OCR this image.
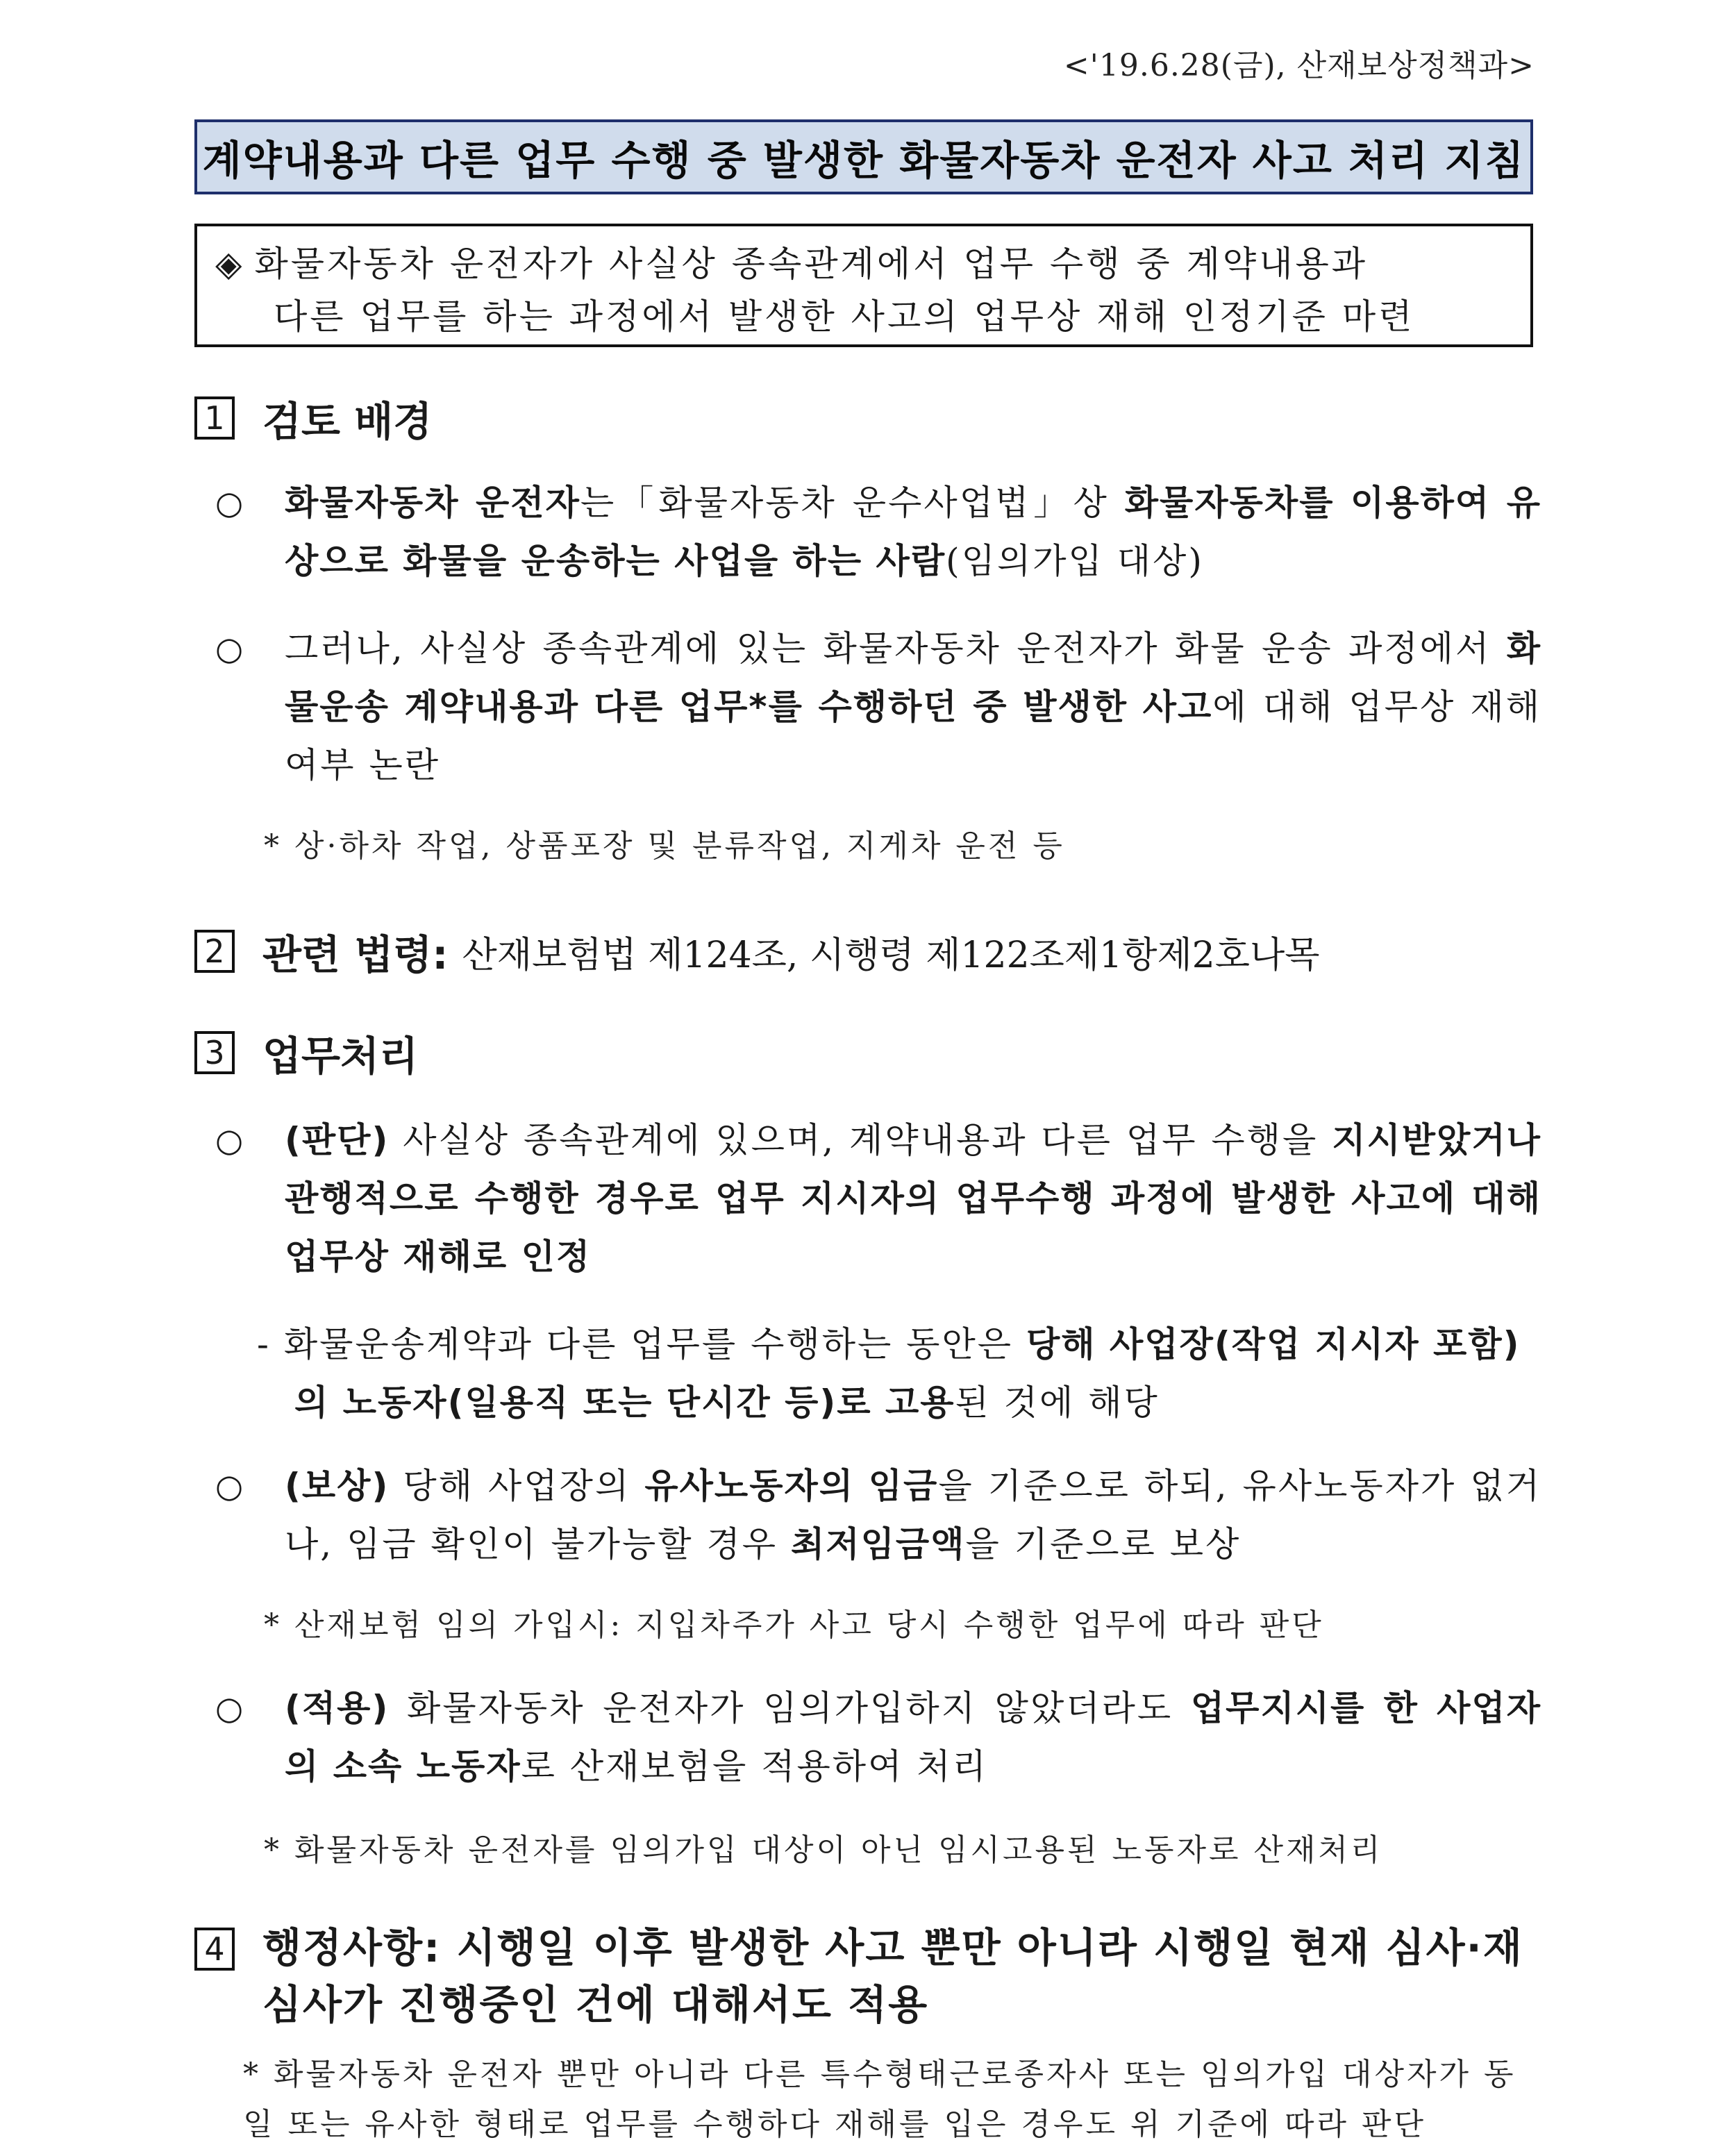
<'19.6.28(금), 산재보상정책과>
계약내용과 다른 업무 수행 중 발생한 화물자동차 운전자 사고 처리 지침
◈ 화물자동차 운전자가 사실상 종속관계에서 업무 수행 중 계약내용과
다른 업무를 하는 과정에서 발생한 사고의 업무상 재해 인정기준 마련
1 검토 배경
○	화물자동차 운전자는「화물자동차 운수사업법」상 화물자동차를 이용하여 유상으로 화물을 운송하는 사업을 하는 사람(임의가입 대상)
○	그러나, 사실상 종속관계에 있는 화물자동차 운전자가 화물 운송 과정에서 화물운송 계약내용과 다른 업무*를 수행하던 중 발생한 사고에 대해 업무상 재해 여부 논란
* 상·하차 작업, 상품포장 및 분류작업, 지게차 운전 등
2 관련 법령: 산재보험법 제124조, 시행령 제122조제1항제2호나목
3 업무처리
○	(판단) 사실상 종속관계에 있으며, 계약내용과 다른 업무 수행을 지시받았거나 관행적으로 수행한 경우로 업무 지시자의 업무수행 과정에 발생한 사고에 대해 업무상 재해로 인정
- 화물운송계약과 다른 업무를 수행하는 동안은 당해 사업장(작업 지시자 포함)의 노동자(일용직 또는 단시간 등)로 고용된 것에 해당
○	(보상) 당해 사업장의 유사노동자의 임금을 기준으로 하되, 유사노동자가 없거나, 임금 확인이 불가능할 경우 최저임금액을 기준으로 보상
* 산재보험 임의 가입시: 지입차주가 사고 당시 수행한 업무에 따라 판단
○	(적용) 화물자동차 운전자가 임의가입하지 않았더라도 업무지시를 한 사업자의 소속 노동자로 산재보험을 적용하여 처리
* 화물자동차 운전자를 임의가입 대상이 아닌 임시고용된 노동자로 산재처리
4 행정사항: 시행일 이후 발생한 사고 뿐만 아니라 시행일 현재 심사·재심사가 진행중인 건에 대해서도 적용
* 화물자동차 운전자 뿐만 아니라 다른 특수형태근로종자사 또는 임의가입 대상자가 동일 또는 유사한 형태로 업무를 수행하다 재해를 입은 경우도 위 기준에 따라 판단
